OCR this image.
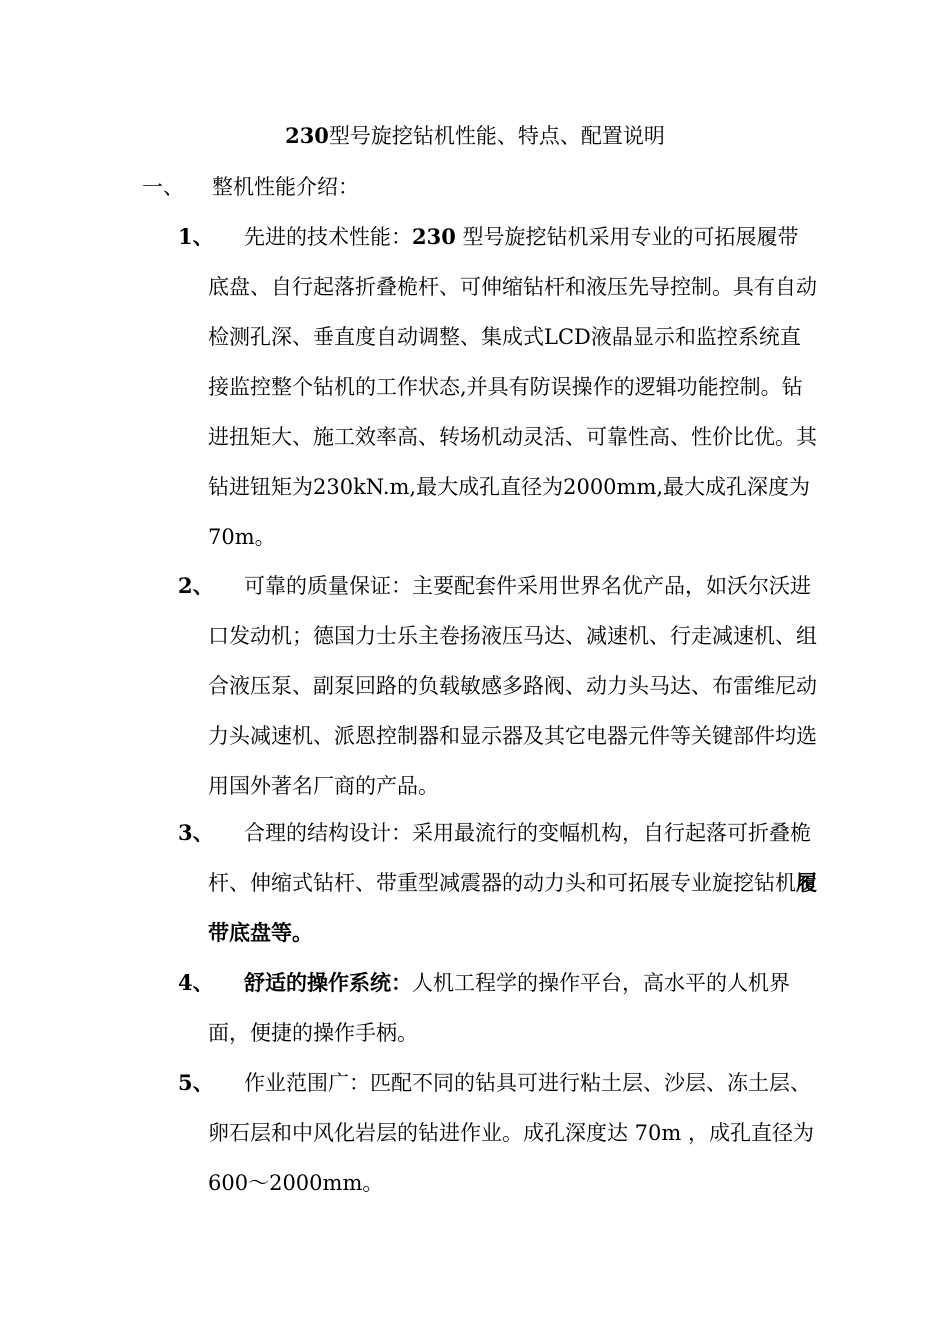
230型号旋挖钻机性能、特点、配置说明
一、 整机性能介绍：
1、	先进的技术性能：230 型号旋挖钻机采用专业的可拓展履带底盘、自行起落折叠桅杆、可伸缩钻杆和液压先导控制。具有自动检测孔深、垂直度自动调整、集成式LCD液晶显示和监控系统直接监控整个钻机的工作状态,并具有防误操作的逻辑功能控制。钻进扭矩大、施工效率高、转场机动灵活、可靠性高、性价比优。其钻进钮矩为230kN.m,最大成孔直径为2000mm,最大成孔深度为70m。
2、	可靠的质量保证：主要配套件采用世界名优产品，如沃尔沃进口发动机；德国力士乐主卷扬液压马达、减速机、行走减速机、组合液压泵、副泵回路的负载敏感多路阀、动力头马达、布雷维尼动力头减速机、派恩控制器和显示器及其它电器元件等关键部件均选用国外著名厂商的产品。
3、	合理的结构设计：采用最流行的变幅机构，自行起落可折叠桅杆、伸缩式钻杆、带重型减震器的动力头和可拓展专业旋挖钻机履带底盘等。
4、	舒适的操作系统：人机工程学的操作平台，高水平的人机界面，便捷的操作手柄。
5、	作业范围广：匹配不同的钻具可进行粘土层、沙层、冻土层、卵石层和中风化岩层的钻进作业。成孔深度达 70m ，成孔直径为 600～2000mm。
